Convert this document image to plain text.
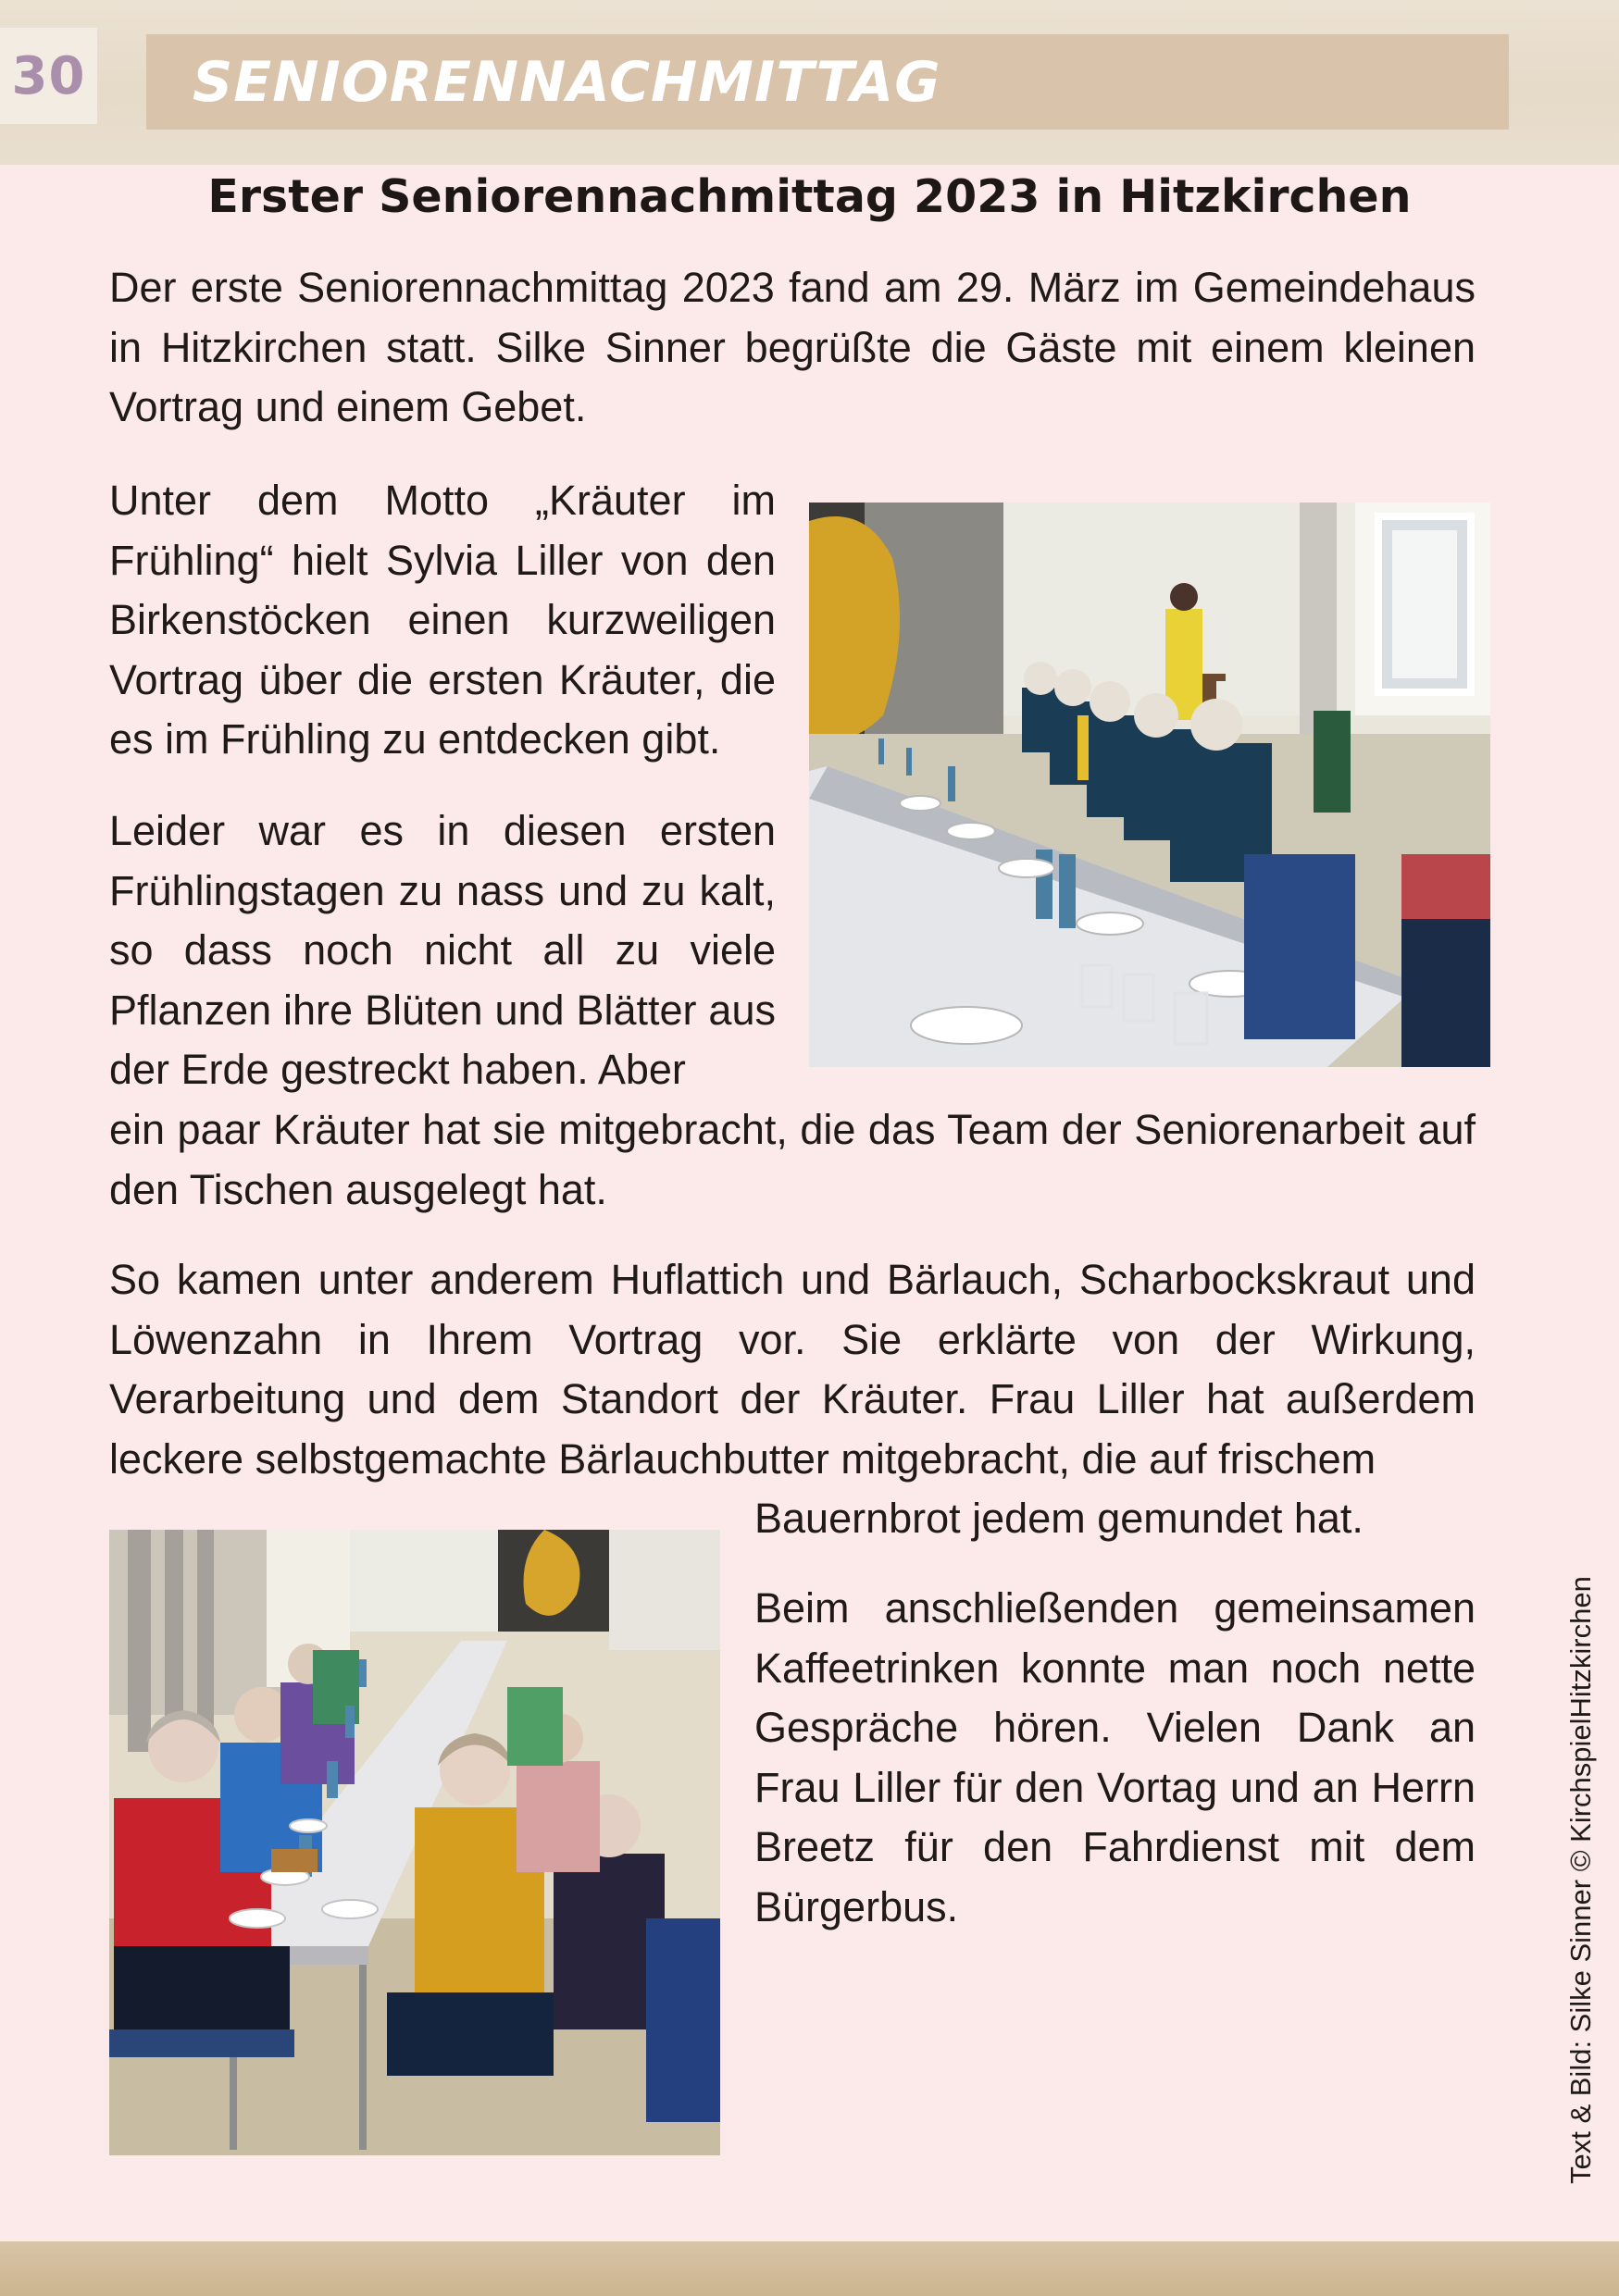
30 SENIORENNACHMITTAG
Erster Seniorennachmittag 2023 in Hitzkirchen

Der erste Seniorennachmittag 2023 fand am 29. März im Gemeindehaus in Hitzkirchen statt. Silke Sinner begrüßte die Gäste mit einem kleinen Vortrag und einem Gebet.

Unter dem Motto „Kräuter im Frühling“ hielt Sylvia Liller von den Birkenstöcken einen kurzweiligen Vortrag über die ersten Kräuter, die es im Frühling zu entdecken gibt.

Leider war es in diesen ersten Frühlingstagen zu nass und zu kalt, so dass noch nicht all zu viele Pflanzen ihre Blüten und Blätter aus der Erde gestreckt haben. Aber

ein paar Kräuter hat sie mitgebracht, die das Team der Seniorenarbeit auf den Tischen ausgelegt hat.

So kamen unter anderem Huflattich und Bärlauch, Scharbockskraut und Löwenzahn in Ihrem Vortrag vor. Sie erklärte von der Wirkung, Verarbeitung und dem Standort der Kräuter. Frau Liller hat außerdem leckere selbstgemachte Bärlauchbutter mitgebracht, die auf frischem

Bauernbrot jedem gemundet hat.

Beim anschließenden gemeinsamen Kaffeetrinken konnte man noch nette Gespräche hören. Vielen Dank an Frau Liller für den Vortag und an Herrn Breetz für den Fahrdienst mit dem Bürgerbus.	Text & Bild: Silke Sinner © KirchspielHitzkirchen
